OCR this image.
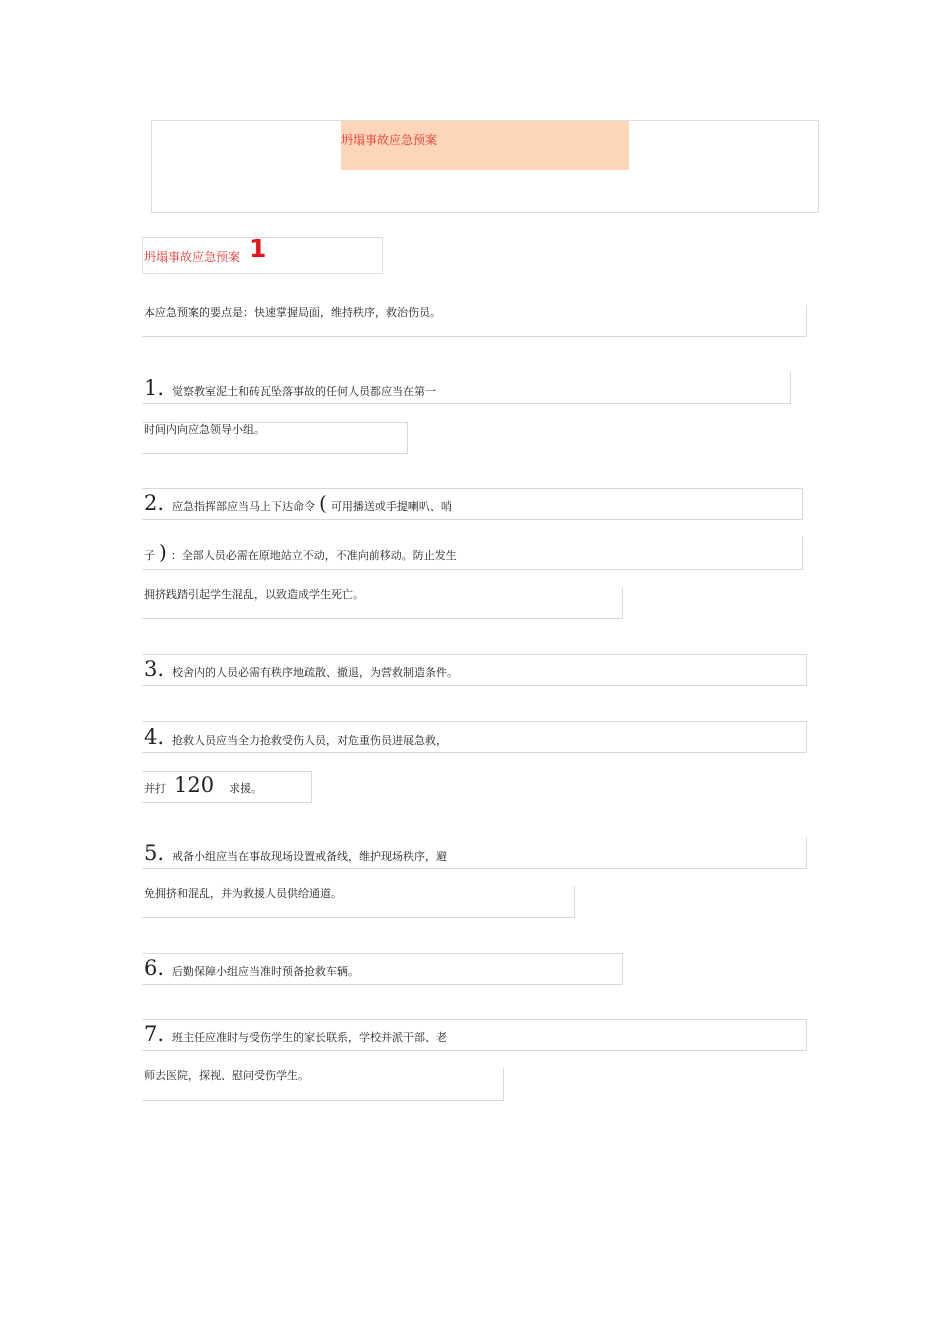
坍塌事故应急预案
坍塌事故应急预案 1
本应急预案的要点是：快速掌握局面，维持秩序，救治伤员。
1. 觉察教室泥土和砖瓦坠落事故的任何人员都应当在第一
时间内向应急领导小组。
2. 应急指挥部应当马上下达命令 ( 可用播送或手提喇叭、哨
子 ) ：全部人员必需在原地站立不动，不准向前移动。防止发生
拥挤践踏引起学生混乱，以致造成学生死亡。
3. 校舍内的人员必需有秩序地疏散、撤退，为营救制造条件。
4. 抢救人员应当全力抢救受伤人员，对危重伤员进展急救，
并打 120 求援。
5. 戒备小组应当在事故现场设置戒备线，维护现场秩序，避
免拥挤和混乱，并为救援人员供给通道。
6. 后勤保障小组应当准时预备抢救车辆。
7. 班主任应准时与受伤学生的家长联系，学校并派干部、老
师去医院，探视、慰问受伤学生。
